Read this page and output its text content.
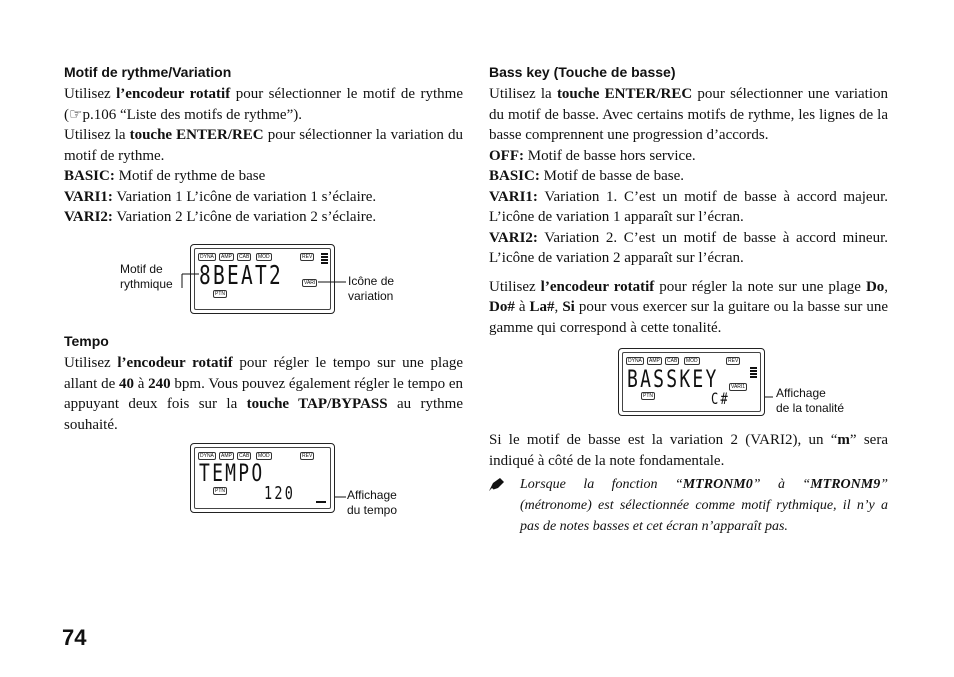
Motif de rythme/Variation

Utilisez l’encodeur rotatif pour sélectionner le motif de rythme (☞p.106 “Liste des motifs de rythme”).

Utilisez la touche ENTER/REC pour sélectionner la variation du motif de rythme.

BASIC: Motif de rythme de base

VARI1: Variation 1 L’icône de variation 1 s’éclaire.

VARI2: Variation 2 L’icône de variation 2 s’éclaire.

Tempo

Utilisez l’encodeur rotatif pour régler le tempo sur une plage allant de 40 à 240 bpm. Vous pouvez également régler le tempo en appuyant deux fois sur la touche TAP/BYPASS au rythme souhaité.

DYNA	AMP	CAB	MOD	REV
8BEAT2	VARI
PTN
Motif de
rythmique	Icône de
variation
DYNA	AMP	CAB	MOD	REV
TEMPO
PTN 120	Affichage
du tempo
Bass key (Touche de basse)

Utilisez la touche ENTER/REC pour sélectionner une variation du motif de basse. Avec certains motifs de rythme, les lignes de la basse comprennent une progression d’accords.

OFF: Motif de basse hors service.

BASIC: Motif de basse de base.

VARI1: Variation 1. C’est un motif de basse à accord majeur. L’icône de variation 1 apparaît sur l’écran.

VARI2: Variation 2. C’est un motif de basse à accord mineur. L’icône de variation 2 apparaît sur l’écran.

Utilisez l’encodeur rotatif pour régler la note sur une plage Do, Do# à La#, Si pour vous exercer sur la guitare ou la basse sur une gamme qui correspond à cette tonalité.

DYNA	AMP	CAB	MOD	REV
BASSKEY	VARI1
C#
PTN	Affichage
de la tonalité

Si le motif de basse est la variation 2 (VARI2), un “m” sera indiqué à côté de la note fondamentale.

Lorsque la fonction “MTRONM0” à “MTRONM9” (métronome) est sélectionnée comme motif rythmique, il n’y a pas de notes basses et cet écran n’apparaît pas.

74
